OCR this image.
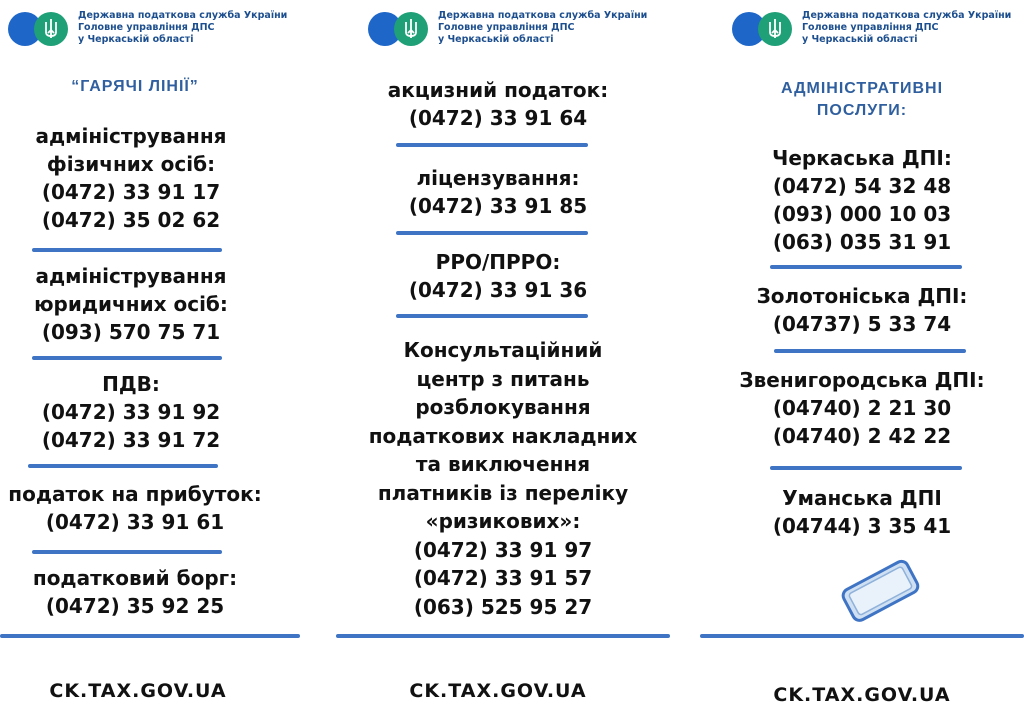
Державна податкова служба України
Головне управління ДПС
у Черкаській області
“ГАРЯЧІ ЛІНІЇ”
адміністрування
фізичних осіб:
(0472) 33 91 17
(0472) 35 02 62
адміністрування
юридичних осіб:
(093) 570 75 71
ПДВ:
(0472) 33 91 92
(0472) 33 91 72
податок на прибуток:
(0472) 33 91 61
податковий борг:
(0472) 35 92 25
CK.TAX.GOV.UA
Державна податкова служба України
Головне управління ДПС
у Черкаській області
акцизний податок:
(0472) 33 91 64
ліцензування:
(0472) 33 91 85
РРО/ПРРО:
(0472) 33 91 36
Консультаційний
центр з питань
розблокування
податкових накладних
та виключення
платників із переліку
«ризикових»:
(0472) 33 91 97
(0472) 33 91 57
(063) 525 95 27
CK.TAX.GOV.UA
Державна податкова служба України
Головне управління ДПС
у Черкаській області
АДМІНІСТРАТИВНІ
ПОСЛУГИ:
Черкаська ДПІ:
(0472) 54 32 48
(093) 000 10 03
(063) 035 31 91
Золотоніська ДПІ:
(04737) 5 33 74
Звенигородська ДПІ:
(04740) 2 21 30
(04740) 2 42 22
Уманська ДПІ
(04744) 3 35 41
CK.TAX.GOV.UA
